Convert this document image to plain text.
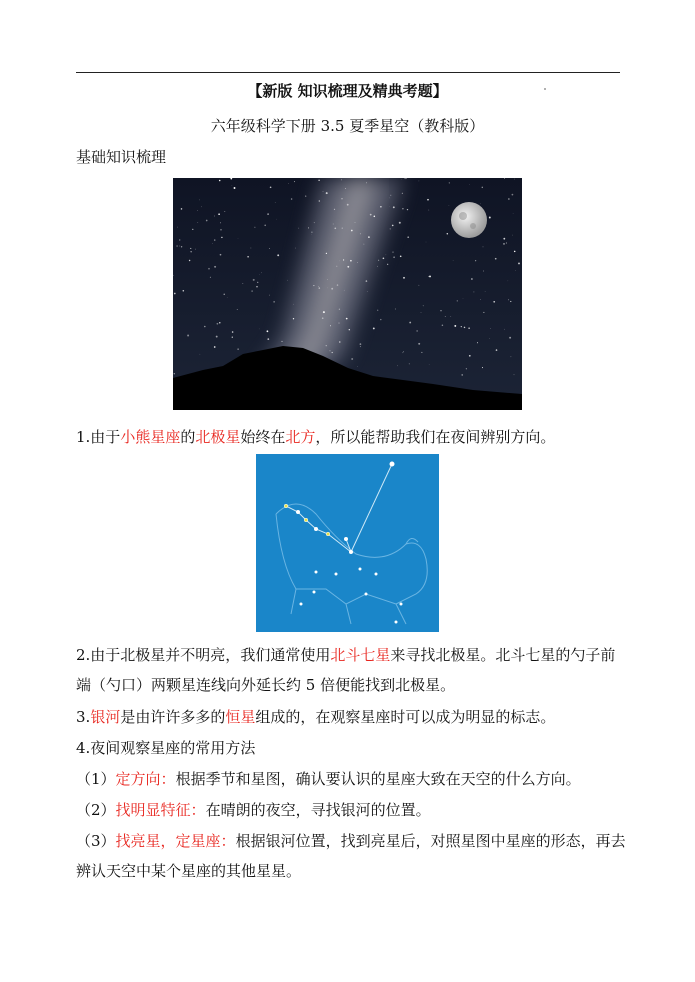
【新版 知识梳理及精典考题】
六年级科学下册 3.5 夏季星空（教科版）
基础知识梳理
1.由于小熊星座的北极星始终在北方，所以能帮助我们在夜间辨别方向。
2.由于北极星并不明亮，我们通常使用北斗七星来寻找北极星。北斗七星的勺子前端（勺口）两颗星连线向外延长约 5 倍便能找到北极星。
3.银河是由许许多多的恒星组成的，在观察星座时可以成为明显的标志。
4.夜间观察星座的常用方法
（1）定方向：根据季节和星图，确认要认识的星座大致在天空的什么方向。
（2）找明显特征：在晴朗的夜空，寻找银河的位置。
（3）找亮星，定星座：根据银河位置，找到亮星后，对照星图中星座的形态，再去辨认天空中某个星座的其他星星。
